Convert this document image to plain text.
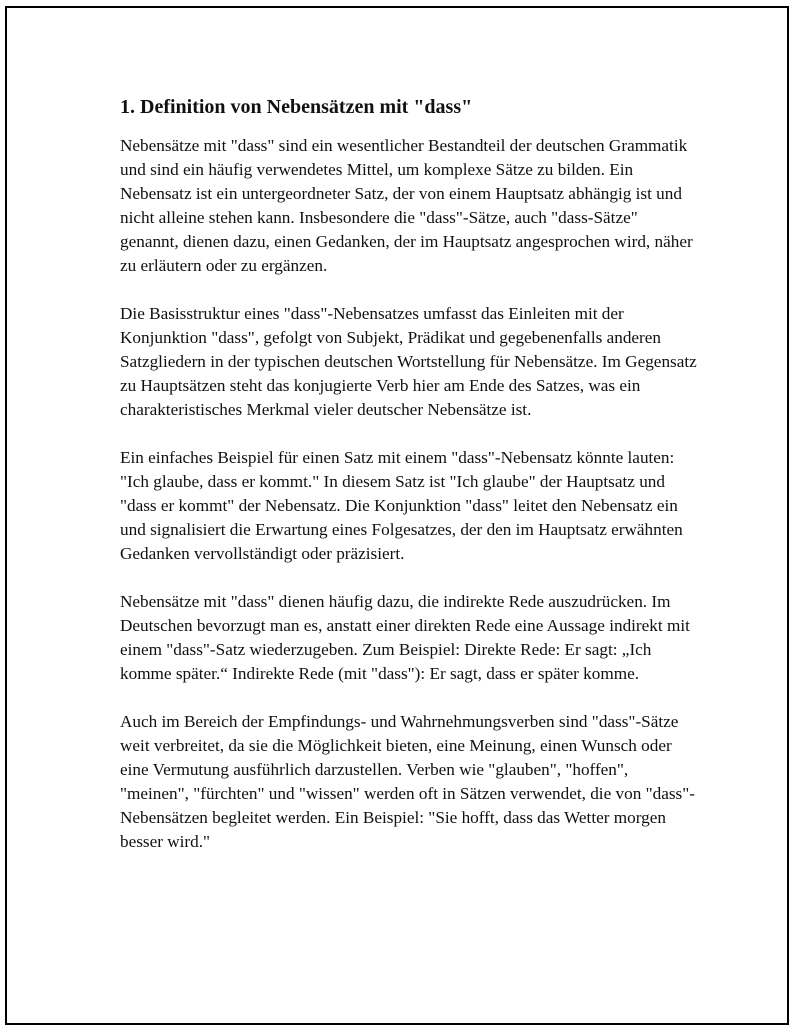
1. Definition von Nebensätzen mit "dass"

Nebensätze mit "dass" sind ein wesentlicher Bestandteil der deutschen Grammatik und sind ein häufig verwendetes Mittel, um komplexe Sätze zu bilden. Ein Nebensatz ist ein untergeordneter Satz, der von einem Hauptsatz abhängig ist und nicht alleine stehen kann. Insbesondere die "dass"-Sätze, auch "dass-Sätze" genannt, dienen dazu, einen Gedanken, der im Hauptsatz angesprochen wird, näher zu erläutern oder zu ergänzen.

Die Basisstruktur eines "dass"-Nebensatzes umfasst das Einleiten mit der Konjunktion "dass", gefolgt von Subjekt, Prädikat und gegebenenfalls anderen Satzgliedern in der typischen deutschen Wortstellung für Nebensätze. Im Gegensatz zu Hauptsätzen steht das konjugierte Verb hier am Ende des Satzes, was ein charakteristisches Merkmal vieler deutscher Nebensätze ist.

Ein einfaches Beispiel für einen Satz mit einem "dass"-Nebensatz könnte lauten: "Ich glaube, dass er kommt." In diesem Satz ist "Ich glaube" der Hauptsatz und "dass er kommt" der Nebensatz. Die Konjunktion "dass" leitet den Nebensatz ein und signalisiert die Erwartung eines Folgesatzes, der den im Hauptsatz erwähnten Gedanken vervollständigt oder präzisiert.

Nebensätze mit "dass" dienen häufig dazu, die indirekte Rede auszudrücken. Im Deutschen bevorzugt man es, anstatt einer direkten Rede eine Aussage indirekt mit einem "dass"-Satz wiederzugeben. Zum Beispiel: Direkte Rede: Er sagt: „Ich komme später.“ Indirekte Rede (mit "dass"): Er sagt, dass er später komme.

Auch im Bereich der Empfindungs- und Wahrnehmungsverben sind "dass"-Sätze weit verbreitet, da sie die Möglichkeit bieten, eine Meinung, einen Wunsch oder eine Vermutung ausführlich darzustellen. Verben wie "glauben", "hoffen", "meinen", "fürchten" und "wissen" werden oft in Sätzen verwendet, die von "dass"-Nebensätzen begleitet werden. Ein Beispiel: "Sie hofft, dass das Wetter morgen besser wird."
